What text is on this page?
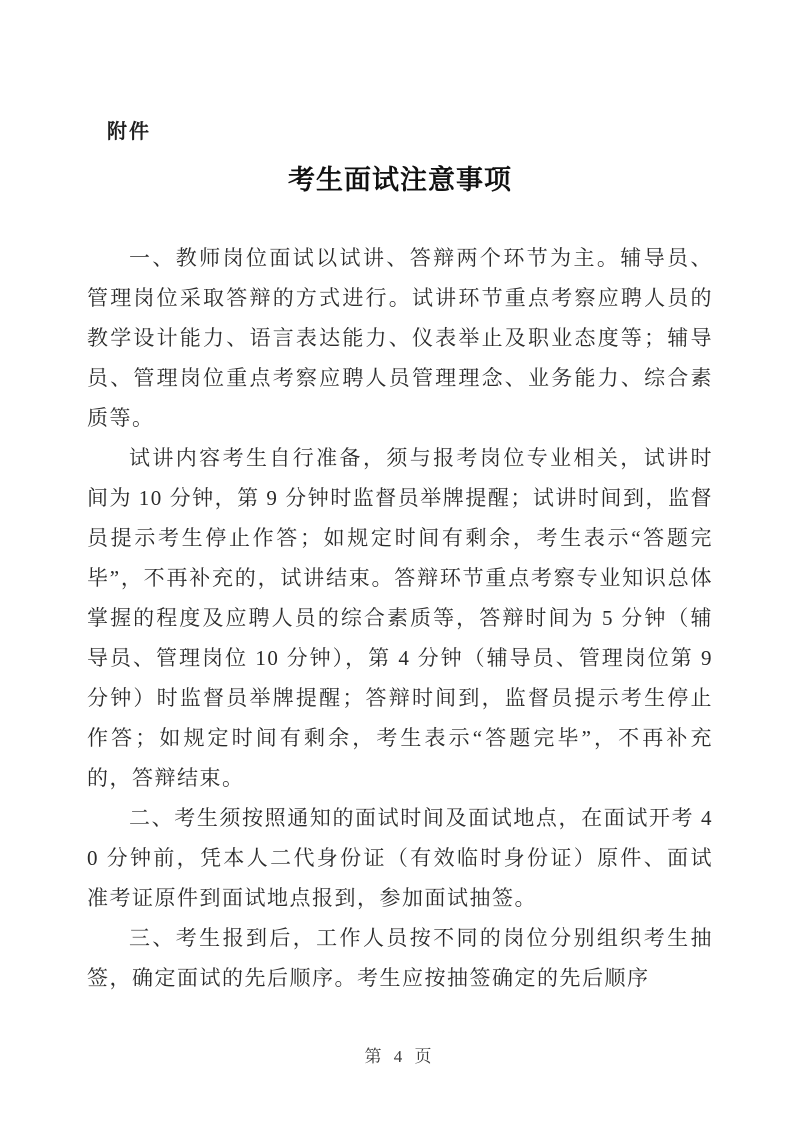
附件
考生面试注意事项

一、教师岗位面试以试讲、答辩两个环节为主。辅导员、管理岗位采取答辩的方式进行。试讲环节重点考察应聘人员的教学设计能力、语言表达能力、仪表举止及职业态度等；辅导员、管理岗位重点考察应聘人员管理理念、业务能力、综合素质等。

试讲内容考生自行准备，须与报考岗位专业相关，试讲时间为 10 分钟，第 9 分钟时监督员举牌提醒；试讲时间到，监督员提示考生停止作答；如规定时间有剩余，考生表示“答题完毕”，不再补充的，试讲结束。答辩环节重点考察专业知识总体掌握的程度及应聘人员的综合素质等，答辩时间为 5 分钟（辅导员、管理岗位 10 分钟），第 4 分钟（辅导员、管理岗位第 9 分钟）时监督员举牌提醒；答辩时间到，监督员提示考生停止作答；如规定时间有剩余，考生表示“答题完毕”，不再补充的，答辩结束。

二、考生须按照通知的面试时间及面试地点，在面试开考 40 分钟前，凭本人二代身份证（有效临时身份证）原件、面试准考证原件到面试地点报到，参加面试抽签。

三、考生报到后，工作人员按不同的岗位分别组织考生抽签，确定面试的先后顺序。考生应按抽签确定的先后顺序

第 4 页
